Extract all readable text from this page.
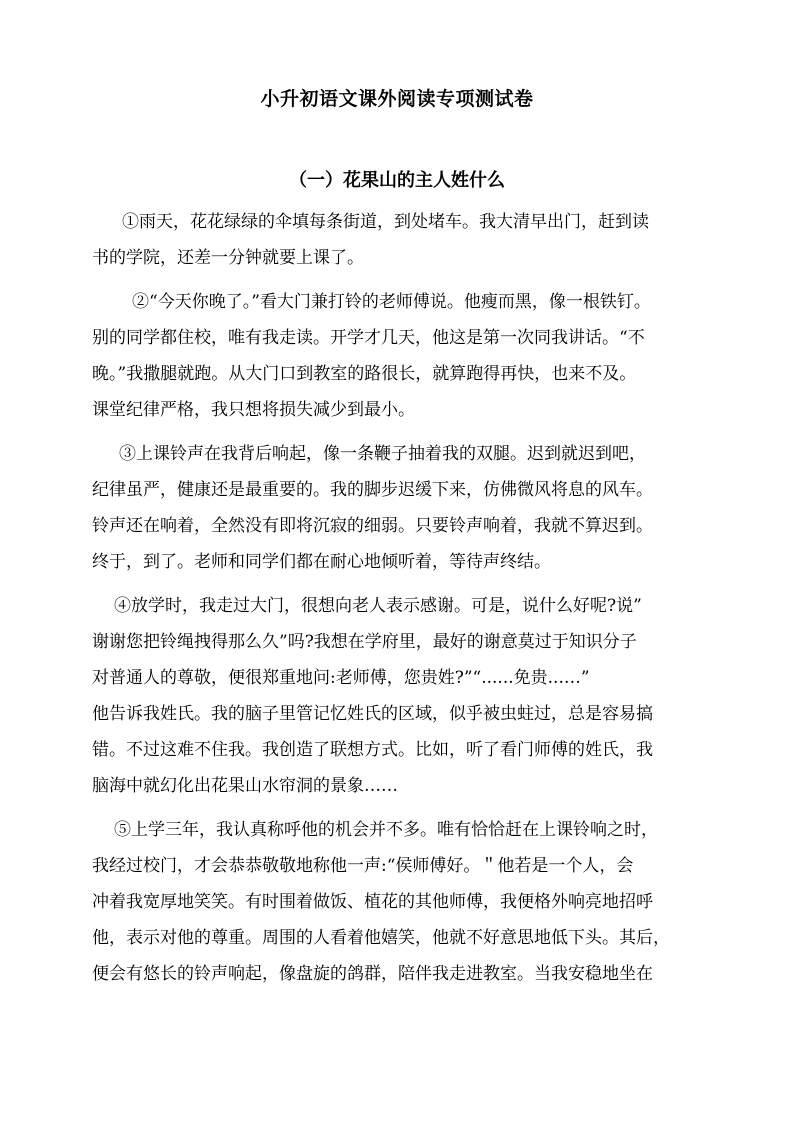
小升初语文课外阅读专项测试卷
（一）花果山的主人姓什么
①雨天，花花绿绿的伞填每条街道，到处堵车。我大清早出门，赶到读
书的学院，还差一分钟就要上课了。
②“今天你晚了。”看大门兼打铃的老师傅说。他瘦而黑，像一根铁钉。
别的同学都住校，唯有我走读。开学才几天，他这是第一次同我讲话。“不
晚。”我撒腿就跑。从大门口到教室的路很长，就算跑得再快，也来不及。
课堂纪律严格，我只想将损失减少到最小。
③上课铃声在我背后响起，像一条鞭子抽着我的双腿。迟到就迟到吧，
纪律虽严，健康还是最重要的。我的脚步迟缓下来，仿佛微风将息的风车。
铃声还在响着，全然没有即将沉寂的细弱。只要铃声响着，我就不算迟到。
终于，到了。老师和同学们都在耐心地倾听着，等待声终结。
④放学时，我走过大门，很想向老人表示感谢。可是，说什么好呢?说”
谢谢您把铃绳拽得那么久”吗?我想在学府里，最好的谢意莫过于知识分子
对普通人的尊敬，便很郑重地问:老师傅，您贵姓?”“......免贵...…”
他告诉我姓氏。我的脑子里管记忆姓氏的区域，似乎被虫蛀过，总是容易搞
错。不过这难不住我。我创造了联想方式。比如，听了看门师傅的姓氏，我
脑海中就幻化出花果山水帘洞的景象……
⑤上学三年，我认真称呼他的机会并不多。唯有恰恰赶在上课铃响之时，
我经过校门，才会恭恭敬敬地称他一声:“侯师傅好。＂他若是一个人，会
冲着我宽厚地笑笑。有时围着做饭、植花的其他师傅，我便格外响亮地招呼
他，表示对他的尊重。周围的人看着他嬉笑，他就不好意思地低下头。其后，
便会有悠长的铃声响起，像盘旋的鸽群，陪伴我走进教室。当我安稳地坐在
